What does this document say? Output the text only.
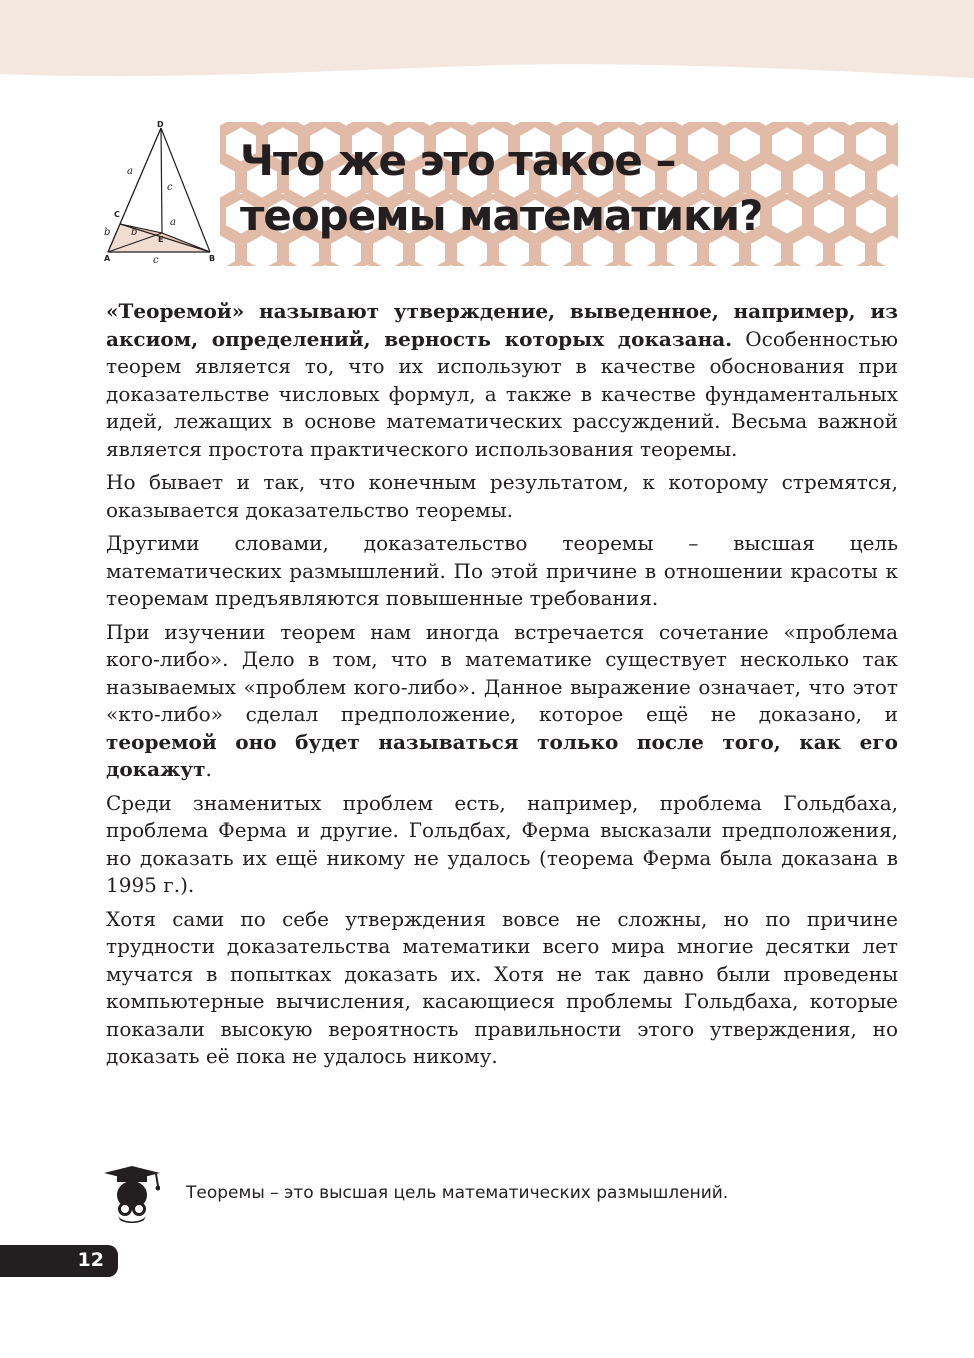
D
C
E
A	B
a
c
b b
a
c
Что же это такое –
теоремы математики?

«Теоремой» называют утверждение, выведенное, например, из аксиом, определений, верность которых доказана. Особенностью теорем является то, что их используют в качестве обоснования при доказательстве числовых формул, а также в качестве фундаментальных идей, лежащих в основе математических рассуждений. Весьма важной является простота практического использования теоремы.

Но бывает и так, что конечным результатом, к которому стремятся, оказывается доказательство теоремы.

Другими словами, доказательство теоремы – высшая цель математических размышлений. По этой причине в отношении красоты к теоремам предъявляются повышенные требования.

При изучении теорем нам иногда встречается сочетание «проблема кого-либо». Дело в том, что в математике существует несколько так называемых «проблем кого-либо». Данное выражение означает, что этот «кто-либо» сделал предположение, которое ещё не доказано, и теоремой оно будет называться только после того, как его докажут.

Среди знаменитых проблем есть, например, проблема Гольдбаха, проблема Ферма и другие. Гольдбах, Ферма высказали предположения, но доказать их ещё никому не удалось (теорема Ферма была доказана в 1995 г.).

Хотя сами по себе утверждения вовсе не сложны, но по причине трудности доказательства математики всего мира многие десятки лет мучатся в попытках доказать их. Хотя не так давно были проведены компьютерные вычисления, касающиеся проблемы Гольдбаха, которые показали высокую вероятность правильности этого утверждения, но доказать её пока не удалось никому.

Теоремы – это высшая цель математических размышлений.
12
